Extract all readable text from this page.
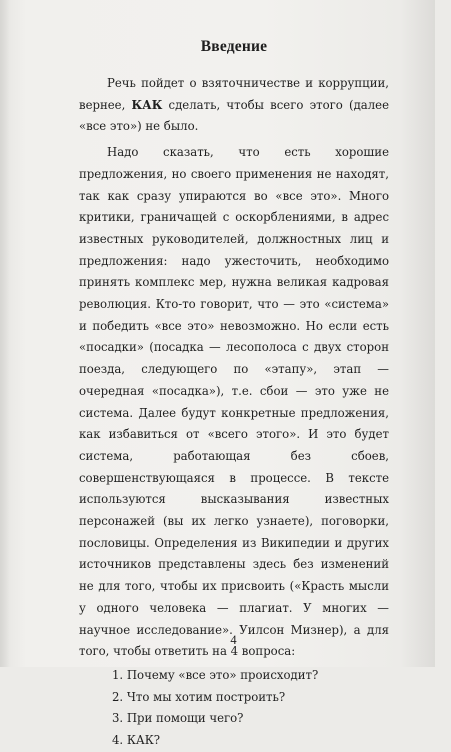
Введение

Речь пойдет о взяточничестве и коррупции, вернее, КАК сделать, чтобы всего этого (далее «все это») не было.

Надо сказать, что есть хорошие предложения, но своего применения не находят, так как сразу упираются во «все это». Много критики, граничащей с оскорблениями, в адрес известных руководителей, должностных лиц и предложения: надо ужесточить, необходимо принять комплекс мер, нужна великая кадровая революция. Кто-то говорит, что — это «система» и победить «все это» невозможно. Но если есть «посадки» (посадка — лесополоса с двух сторон поезда, следующего по «этапу», этап — очередная «посадка»), т.е. сбои — это уже не система. Далее будут конкретные предложения, как избавиться от «всего этого». И это будет система, работающая без сбоев, совершенствующаяся в процессе. В тексте используются высказывания известных персонажей (вы их легко узнаете), поговорки, пословицы. Определения из Википедии и других источников представлены здесь без изменений не для того, чтобы их присвоить («Красть мысли у одного человека — плагиат. У многих — научное исследование». Уилсон Мизнер), а для того, чтобы ответить на 4 вопроса:

1. Почему «все это» происходит?
2. Что мы хотим построить?
3. При помощи чего?
4. КАК?
4
